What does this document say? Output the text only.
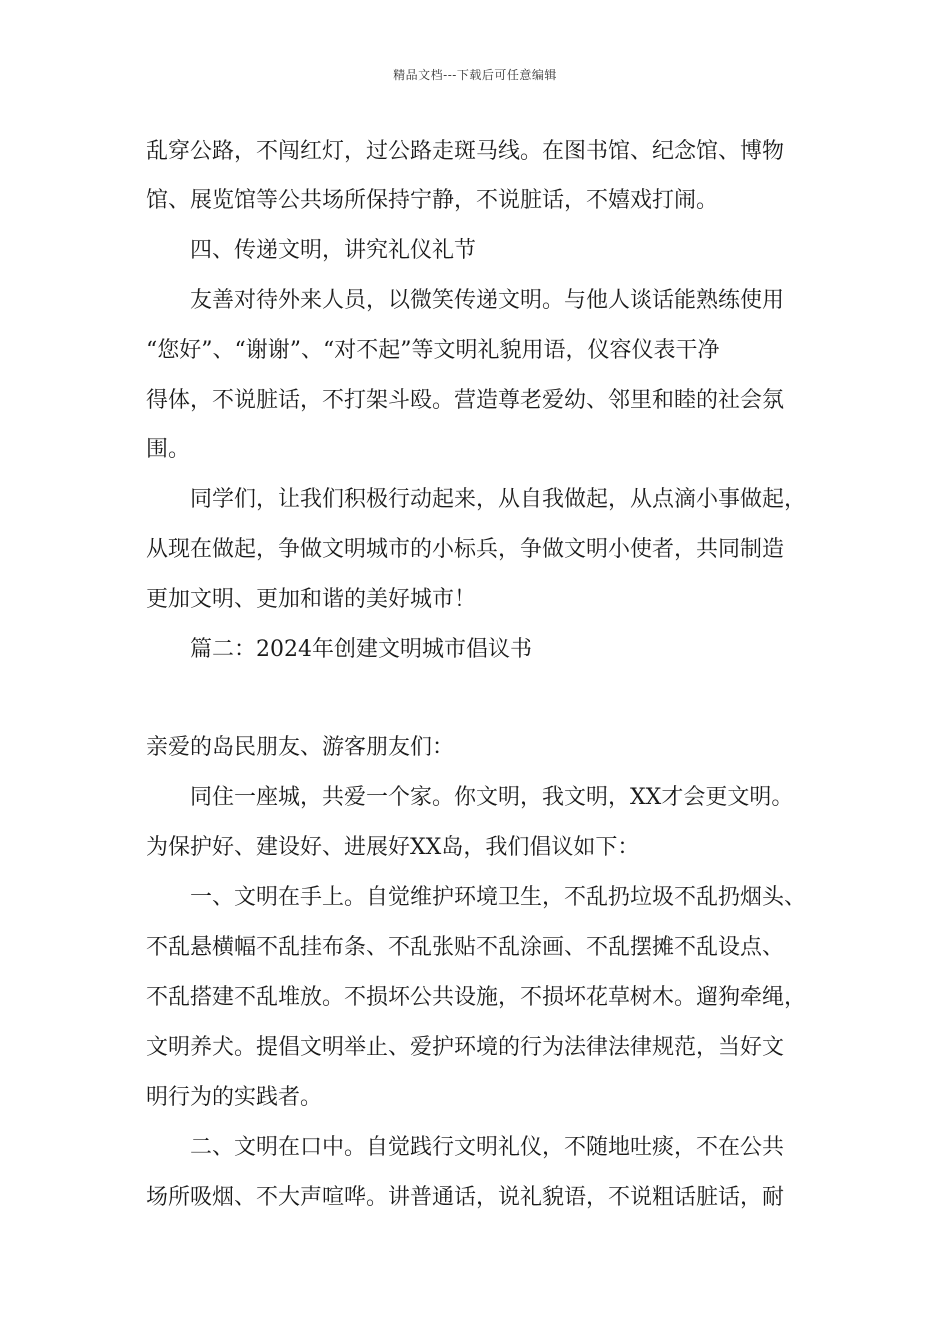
精品文档---下载后可任意编辑
乱穿公路，不闯红灯，过公路走斑马线。在图书馆、纪念馆、博物
馆、展览馆等公共场所保持宁静，不说脏话，不嬉戏打闹。
四、传递文明，讲究礼仪礼节
友善对待外来人员，以微笑传递文明。与他人谈话能熟练使用
“您好”、“谢谢”、“对不起”等文明礼貌用语，仪容仪表干净
得体，不说脏话，不打架斗殴。营造尊老爱幼、邻里和睦的社会氛
围。
同学们，让我们积极行动起来，从自我做起，从点滴小事做起，
从现在做起，争做文明城市的小标兵，争做文明小使者，共同制造
更加文明、更加和谐的美好城市！
篇二：2024年创建文明城市倡议书
亲爱的岛民朋友、游客朋友们：
同住一座城，共爱一个家。你文明，我文明，XX才会更文明。
为保护好、建设好、进展好XX岛，我们倡议如下：
一、文明在手上。自觉维护环境卫生，不乱扔垃圾不乱扔烟头、
不乱悬横幅不乱挂布条、不乱张贴不乱涂画、不乱摆摊不乱设点、
不乱搭建不乱堆放。不损坏公共设施，不损坏花草树木。遛狗牵绳，
文明养犬。提倡文明举止、爱护环境的行为法律法律规范，当好文
明行为的实践者。
二、文明在口中。自觉践行文明礼仪，不随地吐痰，不在公共
场所吸烟、不大声喧哗。讲普通话，说礼貌语，不说粗话脏话，耐
